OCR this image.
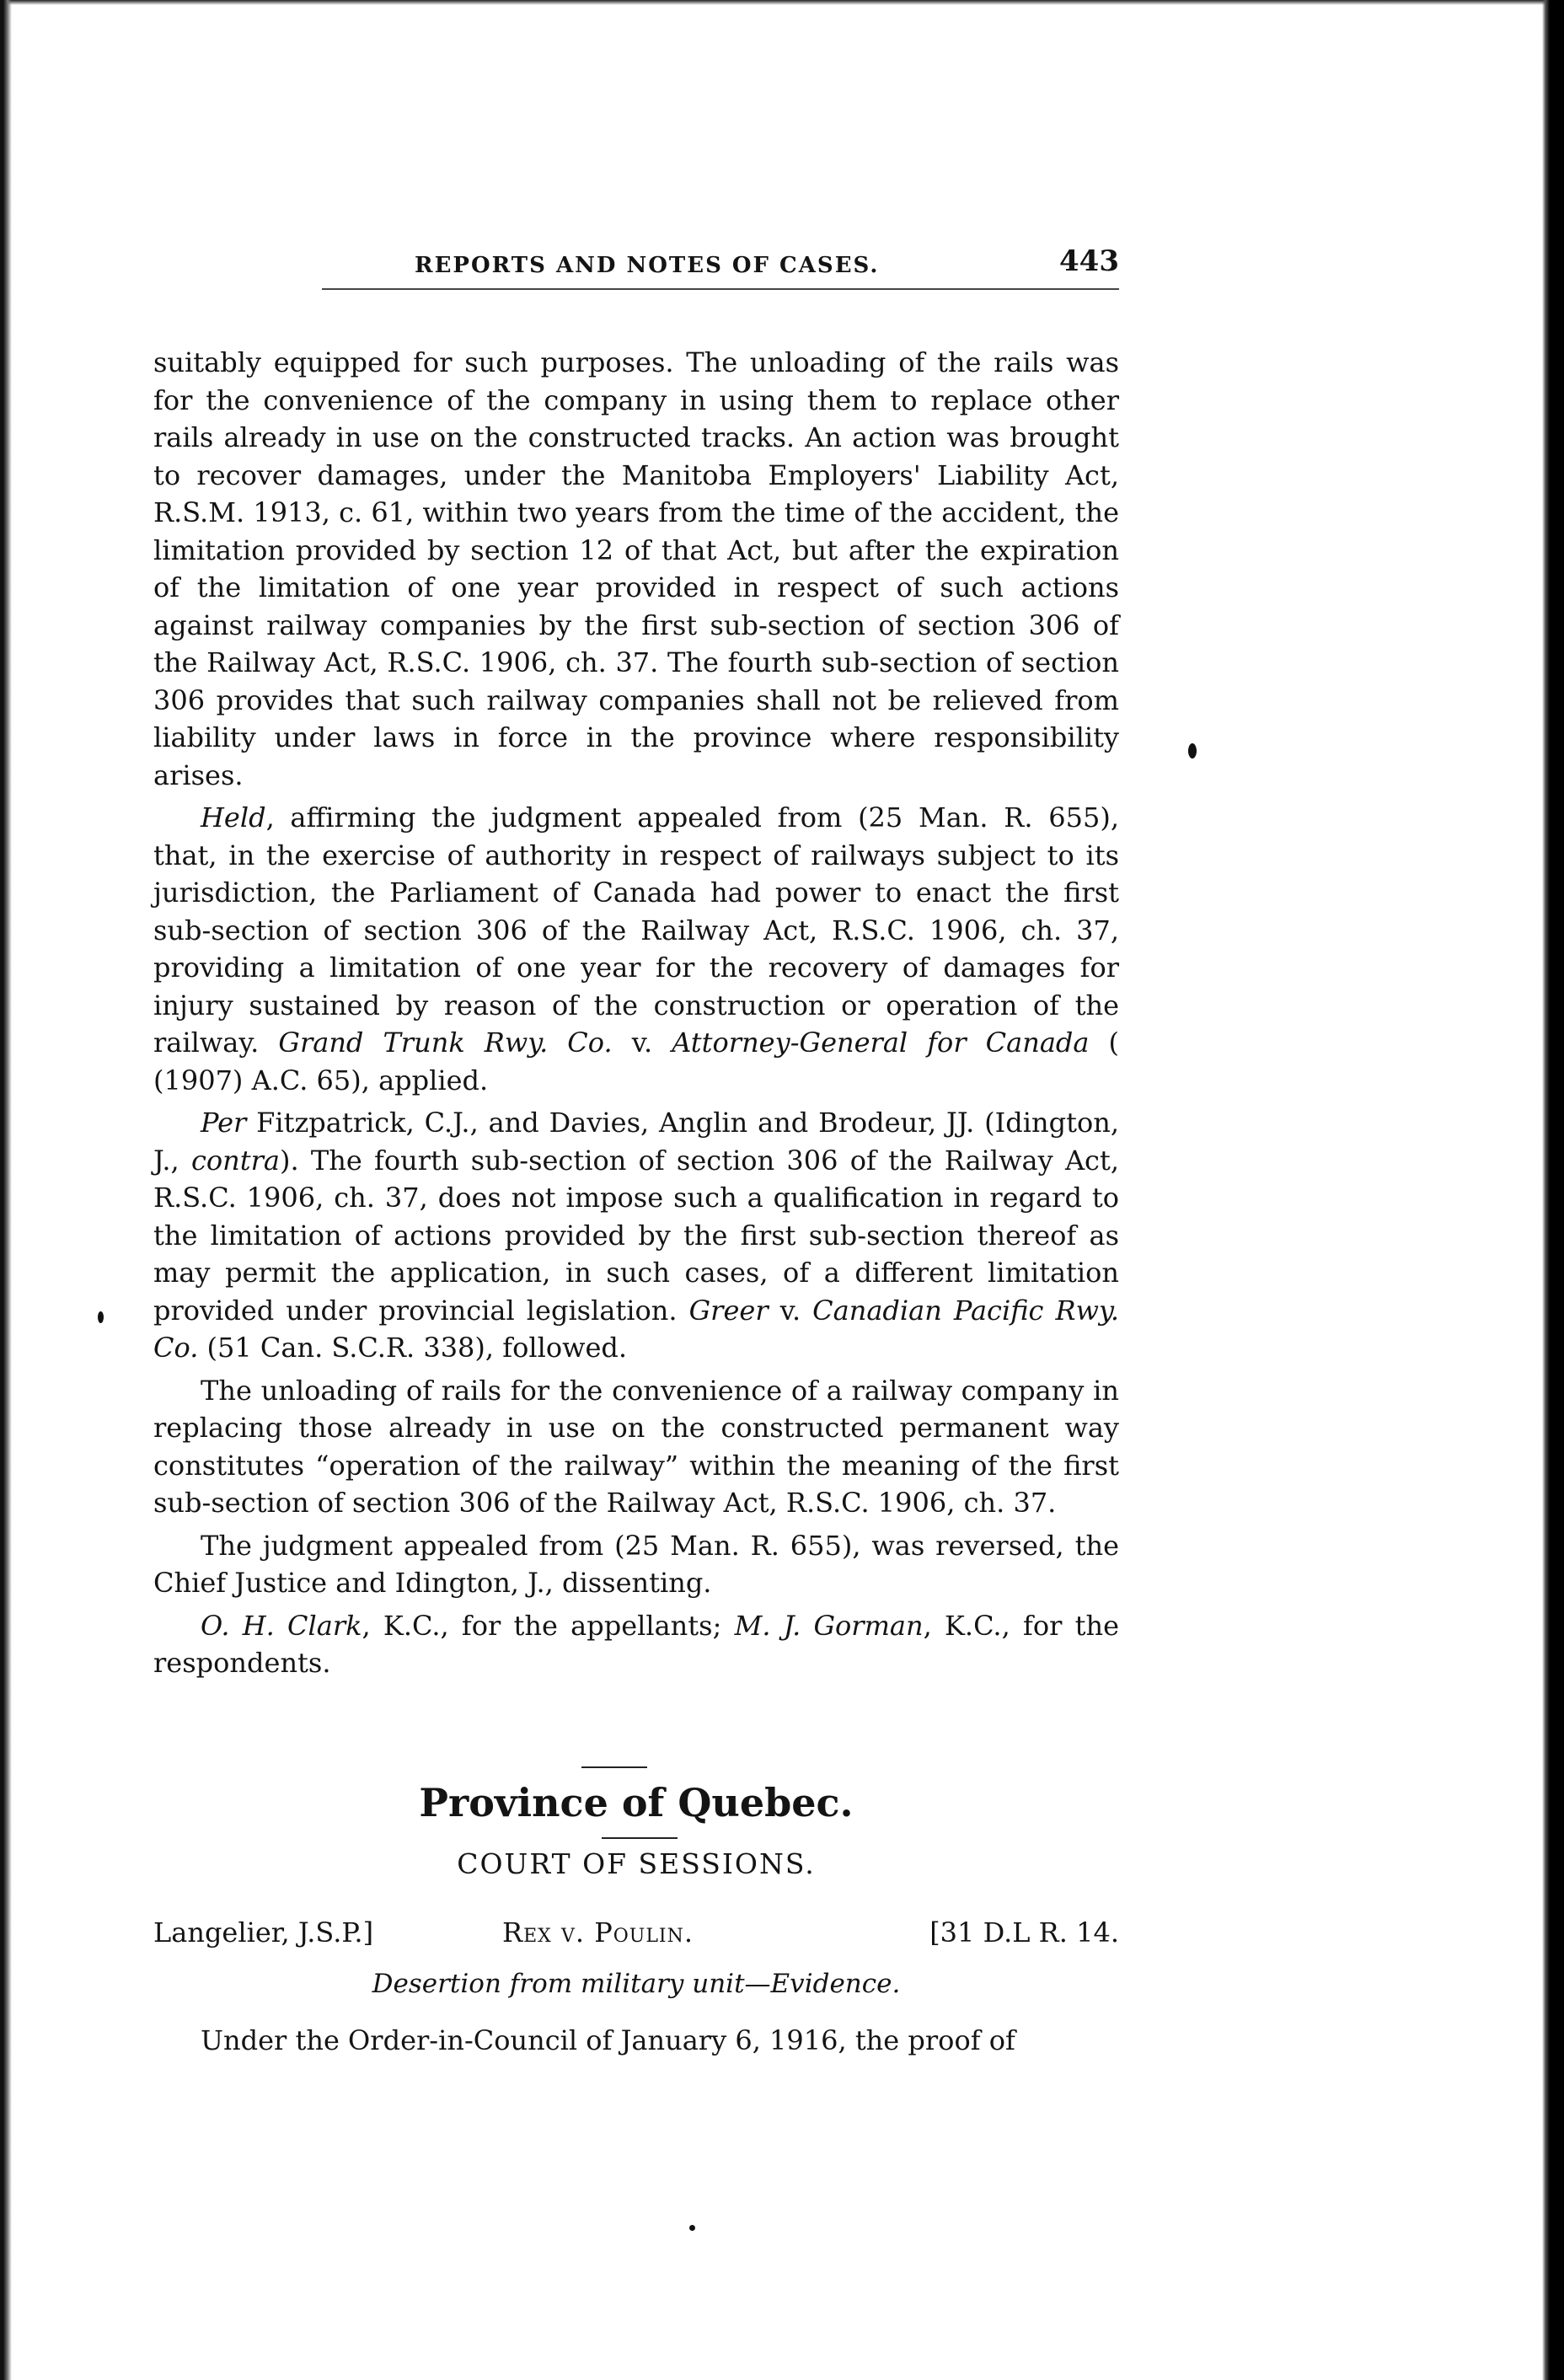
REPORTS AND NOTES OF CASES.	443

suitably equipped for such purposes. The unloading of the rails was for the convenience of the company in using them to replace other rails already in use on the constructed tracks. An action was brought to recover damages, under the Manitoba Employers' Liability Act, R.S.M. 1913, c. 61, within two years from the time of the accident, the limitation provided by section 12 of that Act, but after the expiration of the limitation of one year provided in respect of such actions against railway companies by the first sub-section of section 306 of the Railway Act, R.S.C. 1906, ch. 37. The fourth sub-section of section 306 provides that such railway companies shall not be relieved from liability under laws in force in the province where responsibility arises.

Held, affirming the judgment appealed from (25 Man. R. 655), that, in the exercise of authority in respect of railways subject to its jurisdiction, the Parliament of Canada had power to enact the first sub-section of section 306 of the Railway Act, R.S.C. 1906, ch. 37, providing a limitation of one year for the recovery of damages for injury sustained by reason of the construction or operation of the railway. Grand Trunk Rwy. Co. v. Attorney-General for Canada ( (1907) A.C. 65), applied.

Per Fitzpatrick, C.J., and Davies, Anglin and Brodeur, JJ. (Idington, J., contra). The fourth sub-section of section 306 of the Railway Act, R.S.C. 1906, ch. 37, does not impose such a qualification in regard to the limitation of actions provided by the first sub-section thereof as may permit the application, in such cases, of a different limitation provided under provincial legislation. Greer v. Canadian Pacific Rwy. Co. (51 Can. S.C.R. 338), followed.

The unloading of rails for the convenience of a railway company in replacing those already in use on the constructed permanent way constitutes “operation of the railway” within the meaning of the first sub-section of section 306 of the Railway Act, R.S.C. 1906, ch. 37.

The judgment appealed from (25 Man. R. 655), was reversed, the Chief Justice and Idington, J., dissenting.

O. H. Clark, K.C., for the appellants; M. J. Gorman, K.C., for the respondents.

Province of Quebec.
COURT OF SESSIONS.
Langelier, J.S.P.]	Rex v. Poulin.	[31 D.L R. 14.
Desertion from military unit—Evidence.
Under the Order-in-Council of January 6, 1916, the proof of
